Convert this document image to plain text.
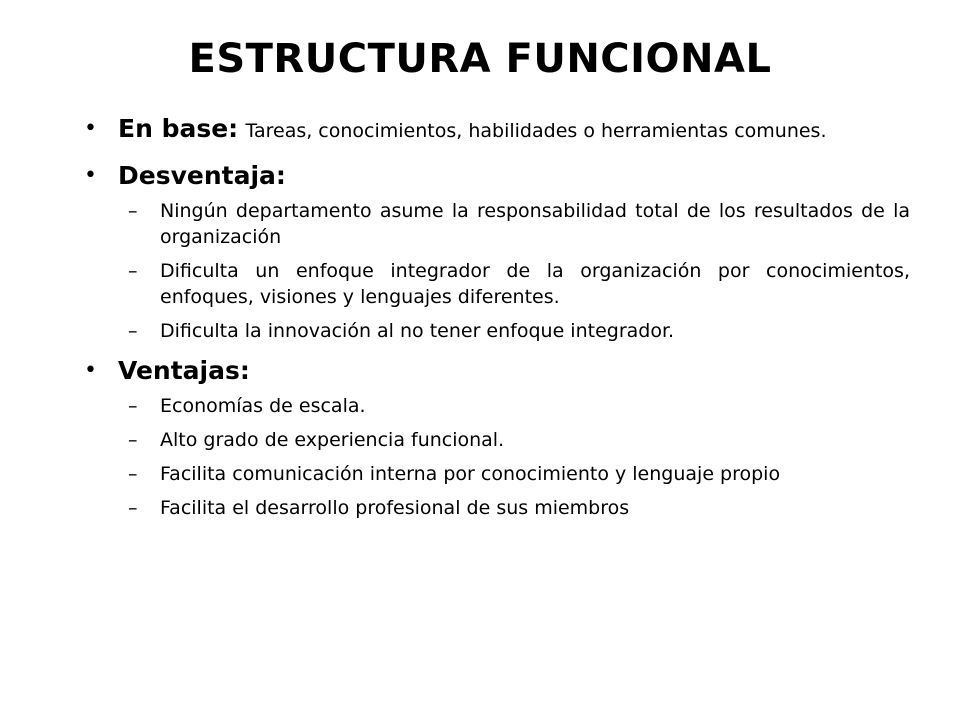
ESTRUCTURA FUNCIONAL
• En base: Tareas, conocimientos, habilidades o herramientas comunes.
• Desventaja:
– Ningún departamento asume la responsabilidad total de los resultados de la organización
– Dificulta un enfoque integrador de la organización por conocimientos, enfoques, visiones y lenguajes diferentes.
– Dificulta la innovación al no tener enfoque integrador.
• Ventajas:
– Economías de escala.
– Alto grado de experiencia funcional.
– Facilita comunicación interna por conocimiento y lenguaje propio
– Facilita el desarrollo profesional de sus miembros
